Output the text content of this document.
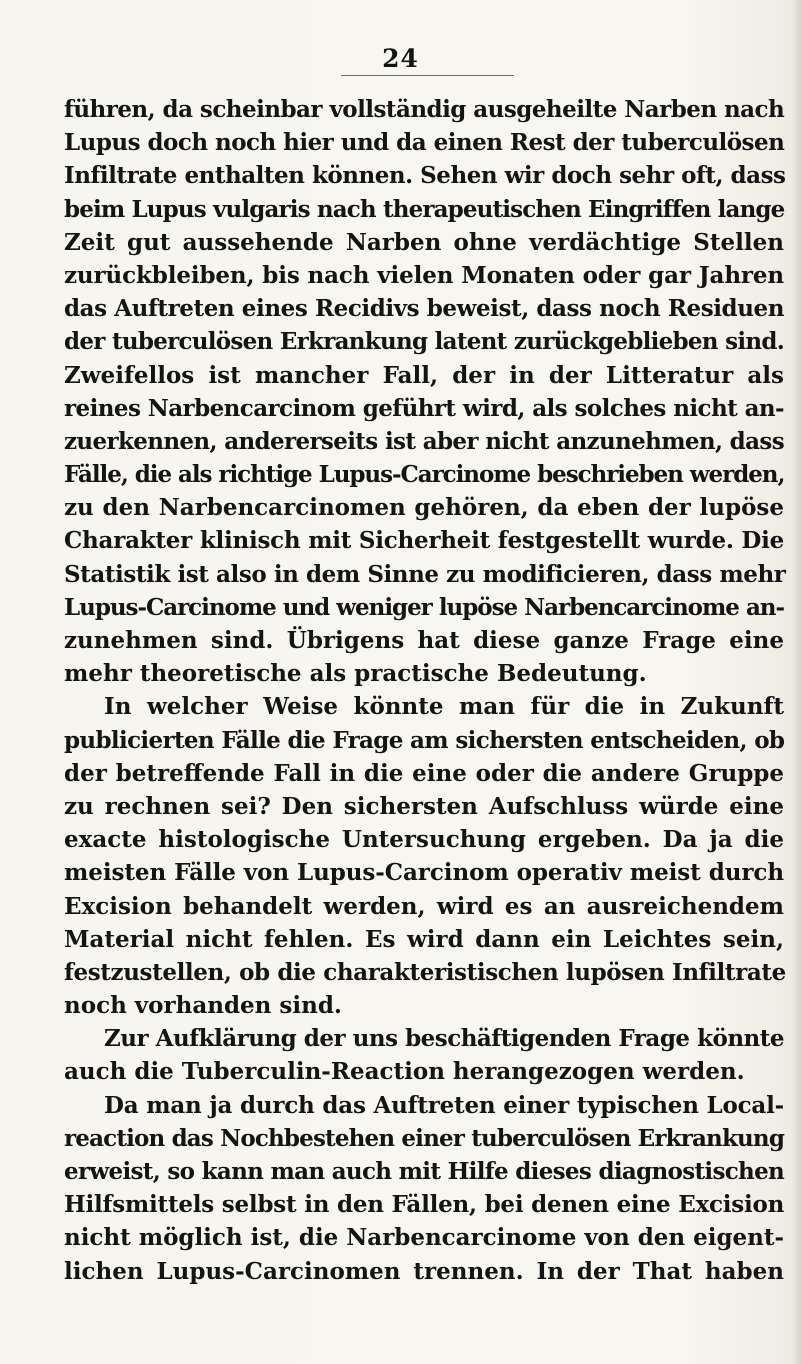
24
führen, da scheinbar vollständig ausgeheilte Narben nach
Lupus doch noch hier und da einen Rest der tuberculösen
Infiltrate enthalten können. Sehen wir doch sehr oft, dass
beim Lupus vulgaris nach therapeutischen Eingriffen lange
Zeit gut aussehende Narben ohne verdächtige Stellen
zurückbleiben, bis nach vielen Monaten oder gar Jahren
das Auftreten eines Recidivs beweist, dass noch Residuen
der tuberculösen Erkrankung latent zurückgeblieben sind.
Zweifellos ist mancher Fall, der in der Litteratur als
reines Narbencarcinom geführt wird, als solches nicht an-
zuerkennen, andererseits ist aber nicht anzunehmen, dass
Fälle, die als richtige Lupus-Carcinome beschrieben werden,
zu den Narbencarcinomen gehören, da eben der lupöse
Charakter klinisch mit Sicherheit festgestellt wurde. Die
Statistik ist also in dem Sinne zu modificieren, dass mehr
Lupus-Carcinome und weniger lupöse Narbencarcinome an-
zunehmen sind. Übrigens hat diese ganze Frage eine
mehr theoretische als practische Bedeutung.
In welcher Weise könnte man für die in Zukunft
publicierten Fälle die Frage am sichersten entscheiden, ob
der betreffende Fall in die eine oder die andere Gruppe
zu rechnen sei? Den sichersten Aufschluss würde eine
exacte histologische Untersuchung ergeben. Da ja die
meisten Fälle von Lupus-Carcinom operativ meist durch
Excision behandelt werden, wird es an ausreichendem
Material nicht fehlen. Es wird dann ein Leichtes sein,
festzustellen, ob die charakteristischen lupösen Infiltrate
noch vorhanden sind.
Zur Aufklärung der uns beschäftigenden Frage könnte
auch die Tuberculin-Reaction herangezogen werden.
Da man ja durch das Auftreten einer typischen Local-
reaction das Nochbestehen einer tuberculösen Erkrankung
erweist, so kann man auch mit Hilfe dieses diagnostischen
Hilfsmittels selbst in den Fällen, bei denen eine Excision
nicht möglich ist, die Narbencarcinome von den eigent-
lichen Lupus-Carcinomen trennen. In der That haben
